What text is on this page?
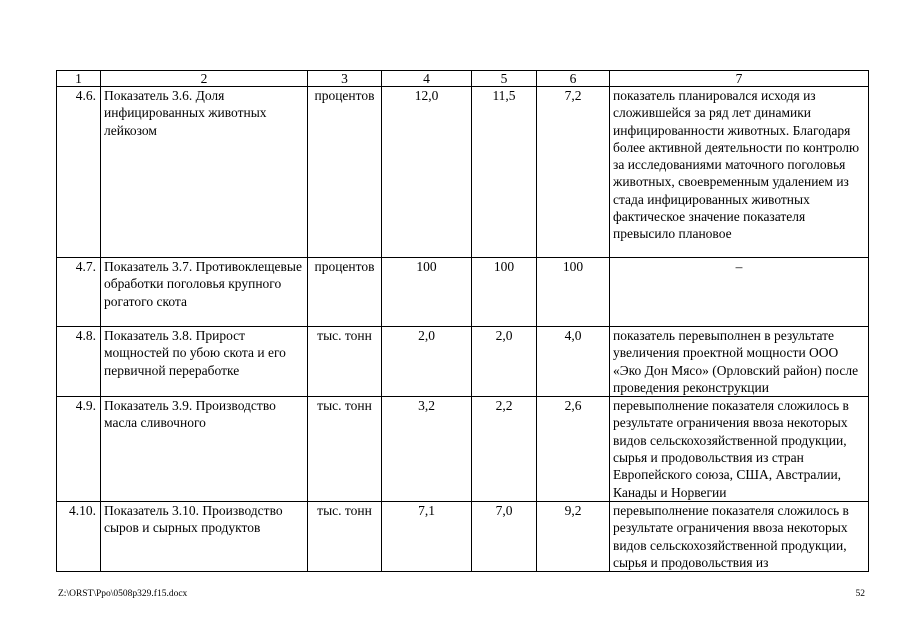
1	2	3	4	5	6	7
4.6.	Показатель 3.6. Доля инфицированных животных лейкозом	процентов	12,0	11,5	7,2	показатель планировался исходя из сложившейся за ряд лет динамики инфицированности животных. Благодаря более активной деятельности по контролю за исследованиями маточного поголовья животных, своевременным удалением из стада инфицированных животных фактическое значение показателя превысило плановое
4.7.	Показатель 3.7. Противоклещевые обработки поголовья крупного рогатого скота	процентов	100	100	100	–
4.8.	Показатель 3.8. Прирост мощностей по убою скота и его первичной переработке	тыс. тонн	2,0	2,0	4,0	показатель перевыполнен в результате увеличения проектной мощности ООО «Эко Дон Мясо» (Орловский район) после проведения реконструкции
4.9.	Показатель 3.9. Производство масла сливочного	тыс. тонн	3,2	2,2	2,6	перевыполнение показателя сложилось в результате ограничения ввоза некоторых видов сельскохозяйственной продукции, сырья и продовольствия из стран Европейского союза, США, Австралии, Канады и Норвегии
4.10.	Показатель 3.10. Производство сыров и сырных продуктов	тыс. тонн	7,1	7,0	9,2	перевыполнение показателя сложилось в результате ограничения ввоза некоторых видов сельскохозяйственной продукции, сырья и продовольствия из
Z:\ORST\Ppo\0508p329.f15.docx	52
